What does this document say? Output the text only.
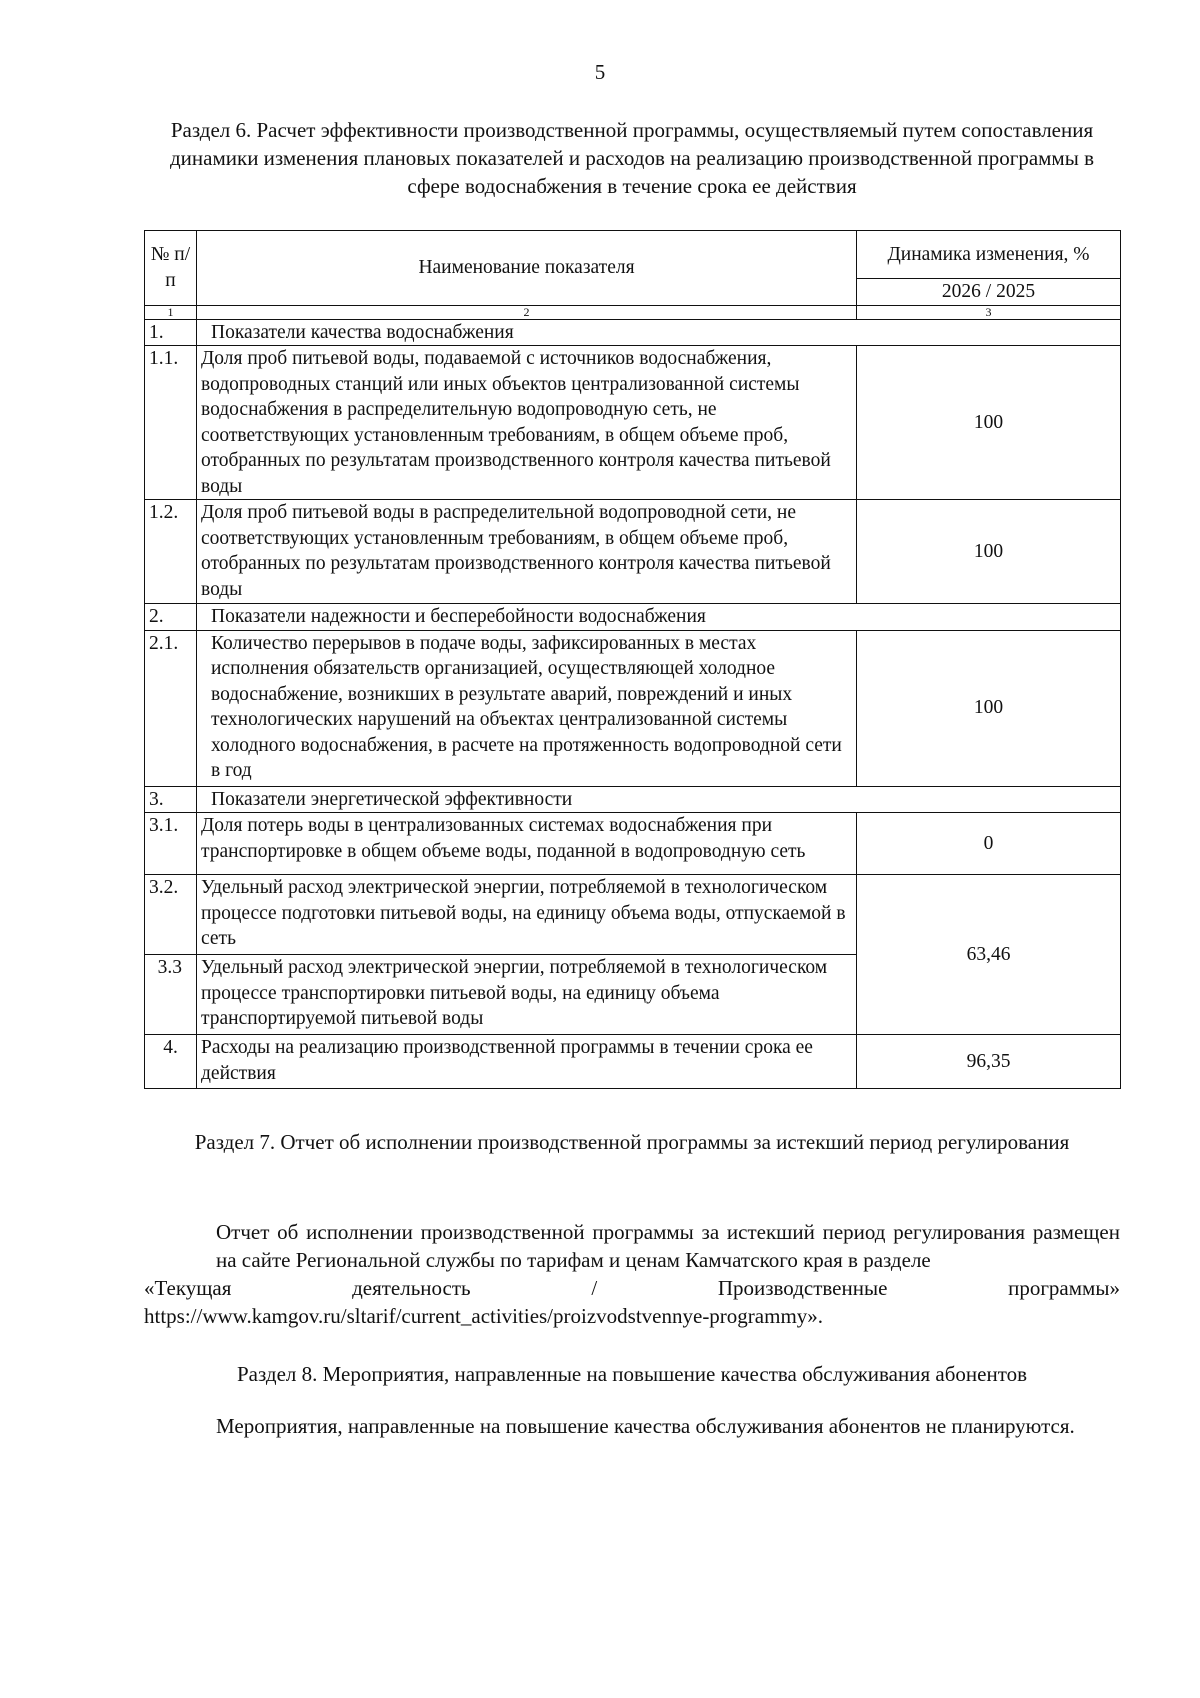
5
Раздел 6. Расчет эффективности производственной программы, осуществляемый путем сопоставления динамики изменения плановых показателей и расходов на реализацию производственной программы в сфере водоснабжения в течение срока ее действия
№ п/п	Наименование показателя	Динамика изменения, %
		2026 / 2025
1	2	3
1.	Показатели качества водоснабжения	
1.1.	Доля проб питьевой воды, подаваемой с источников водоснабжения, водопроводных станций или иных объектов централизованной системы водоснабжения в распределительную водопроводную сеть, не соответствующих установленным требованиям, в общем объеме проб, отобранных по результатам производственного контроля качества питьевой воды	100
1.2.	Доля проб питьевой воды в распределительной водопроводной сети, не соответствующих установленным требованиям, в общем объеме проб, отобранных по результатам производственного контроля качества питьевой воды	100
2.	Показатели надежности и бесперебойности водоснабжения	
2.1.	Количество перерывов в подаче воды, зафиксированных в местах исполнения обязательств организацией, осуществляющей холодное водоснабжение, возникших в результате аварий, повреждений и иных технологических нарушений на объектах централизованной системы холодного водоснабжения, в расчете на протяженность водопроводной сети в год	100
3.	Показатели энергетической эффективности	
3.1.	Доля потерь воды в централизованных системах водоснабжения при транспортировке в общем объеме воды, поданной в водопроводную сеть	0
3.2.	Удельный расход электрической энергии, потребляемой в технологическом процессе подготовки питьевой воды, на единицу объема воды, отпускаемой в сеть	63,46
3.3	Удельный расход электрической энергии, потребляемой в технологическом процессе транспортировки питьевой воды, на единицу объема транспортируемой питьевой воды	
4.	Расходы на реализацию производственной программы в течении срока ее действия	96,35
Раздел 7. Отчет об исполнении производственной программы за истекший период регулирования
Отчет об исполнении производственной программы за истекший период регулирования размещен на сайте Региональной службы по тарифам и ценам Камчатского края в разделе
«Текущая	деятельность	/	Производственные	программы»
https://www.kamgov.ru/sltarif/current_activities/proizvodstvennye-programmy».
Раздел 8. Мероприятия, направленные на повышение качества обслуживания абонентов
Мероприятия, направленные на повышение качества обслуживания абонентов не планируются.
